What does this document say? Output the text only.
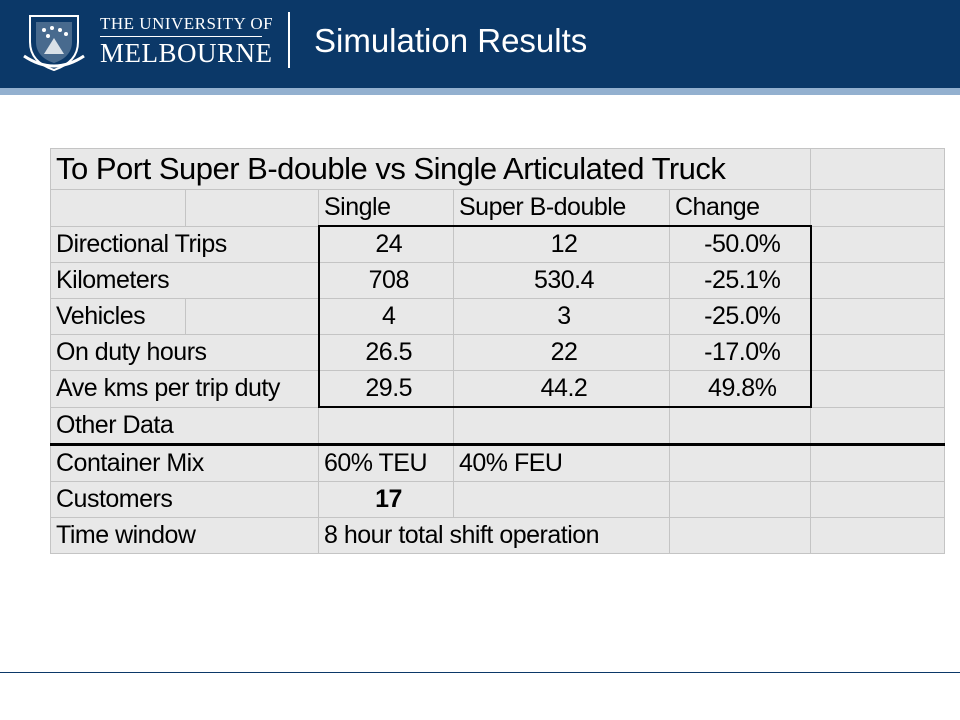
THE UNIVERSITY OF
MELBOURNE Simulation Results
To Port Super B-double vs Single Articulated Truck					
		Single	Super B-double	Change	
Directional Trips		24	12	-50.0%	
Kilometers		708	530.4	-25.1%	
Vehicles		4	3	-25.0%	
On duty hours		26.5	22	-17.0%	
Ave kms per trip duty		29.5	44.2	49.8%	
Other Data					
Container Mix		60% TEU	40% FEU		
Customers		17			
Time window		8 hour total shift operation			
